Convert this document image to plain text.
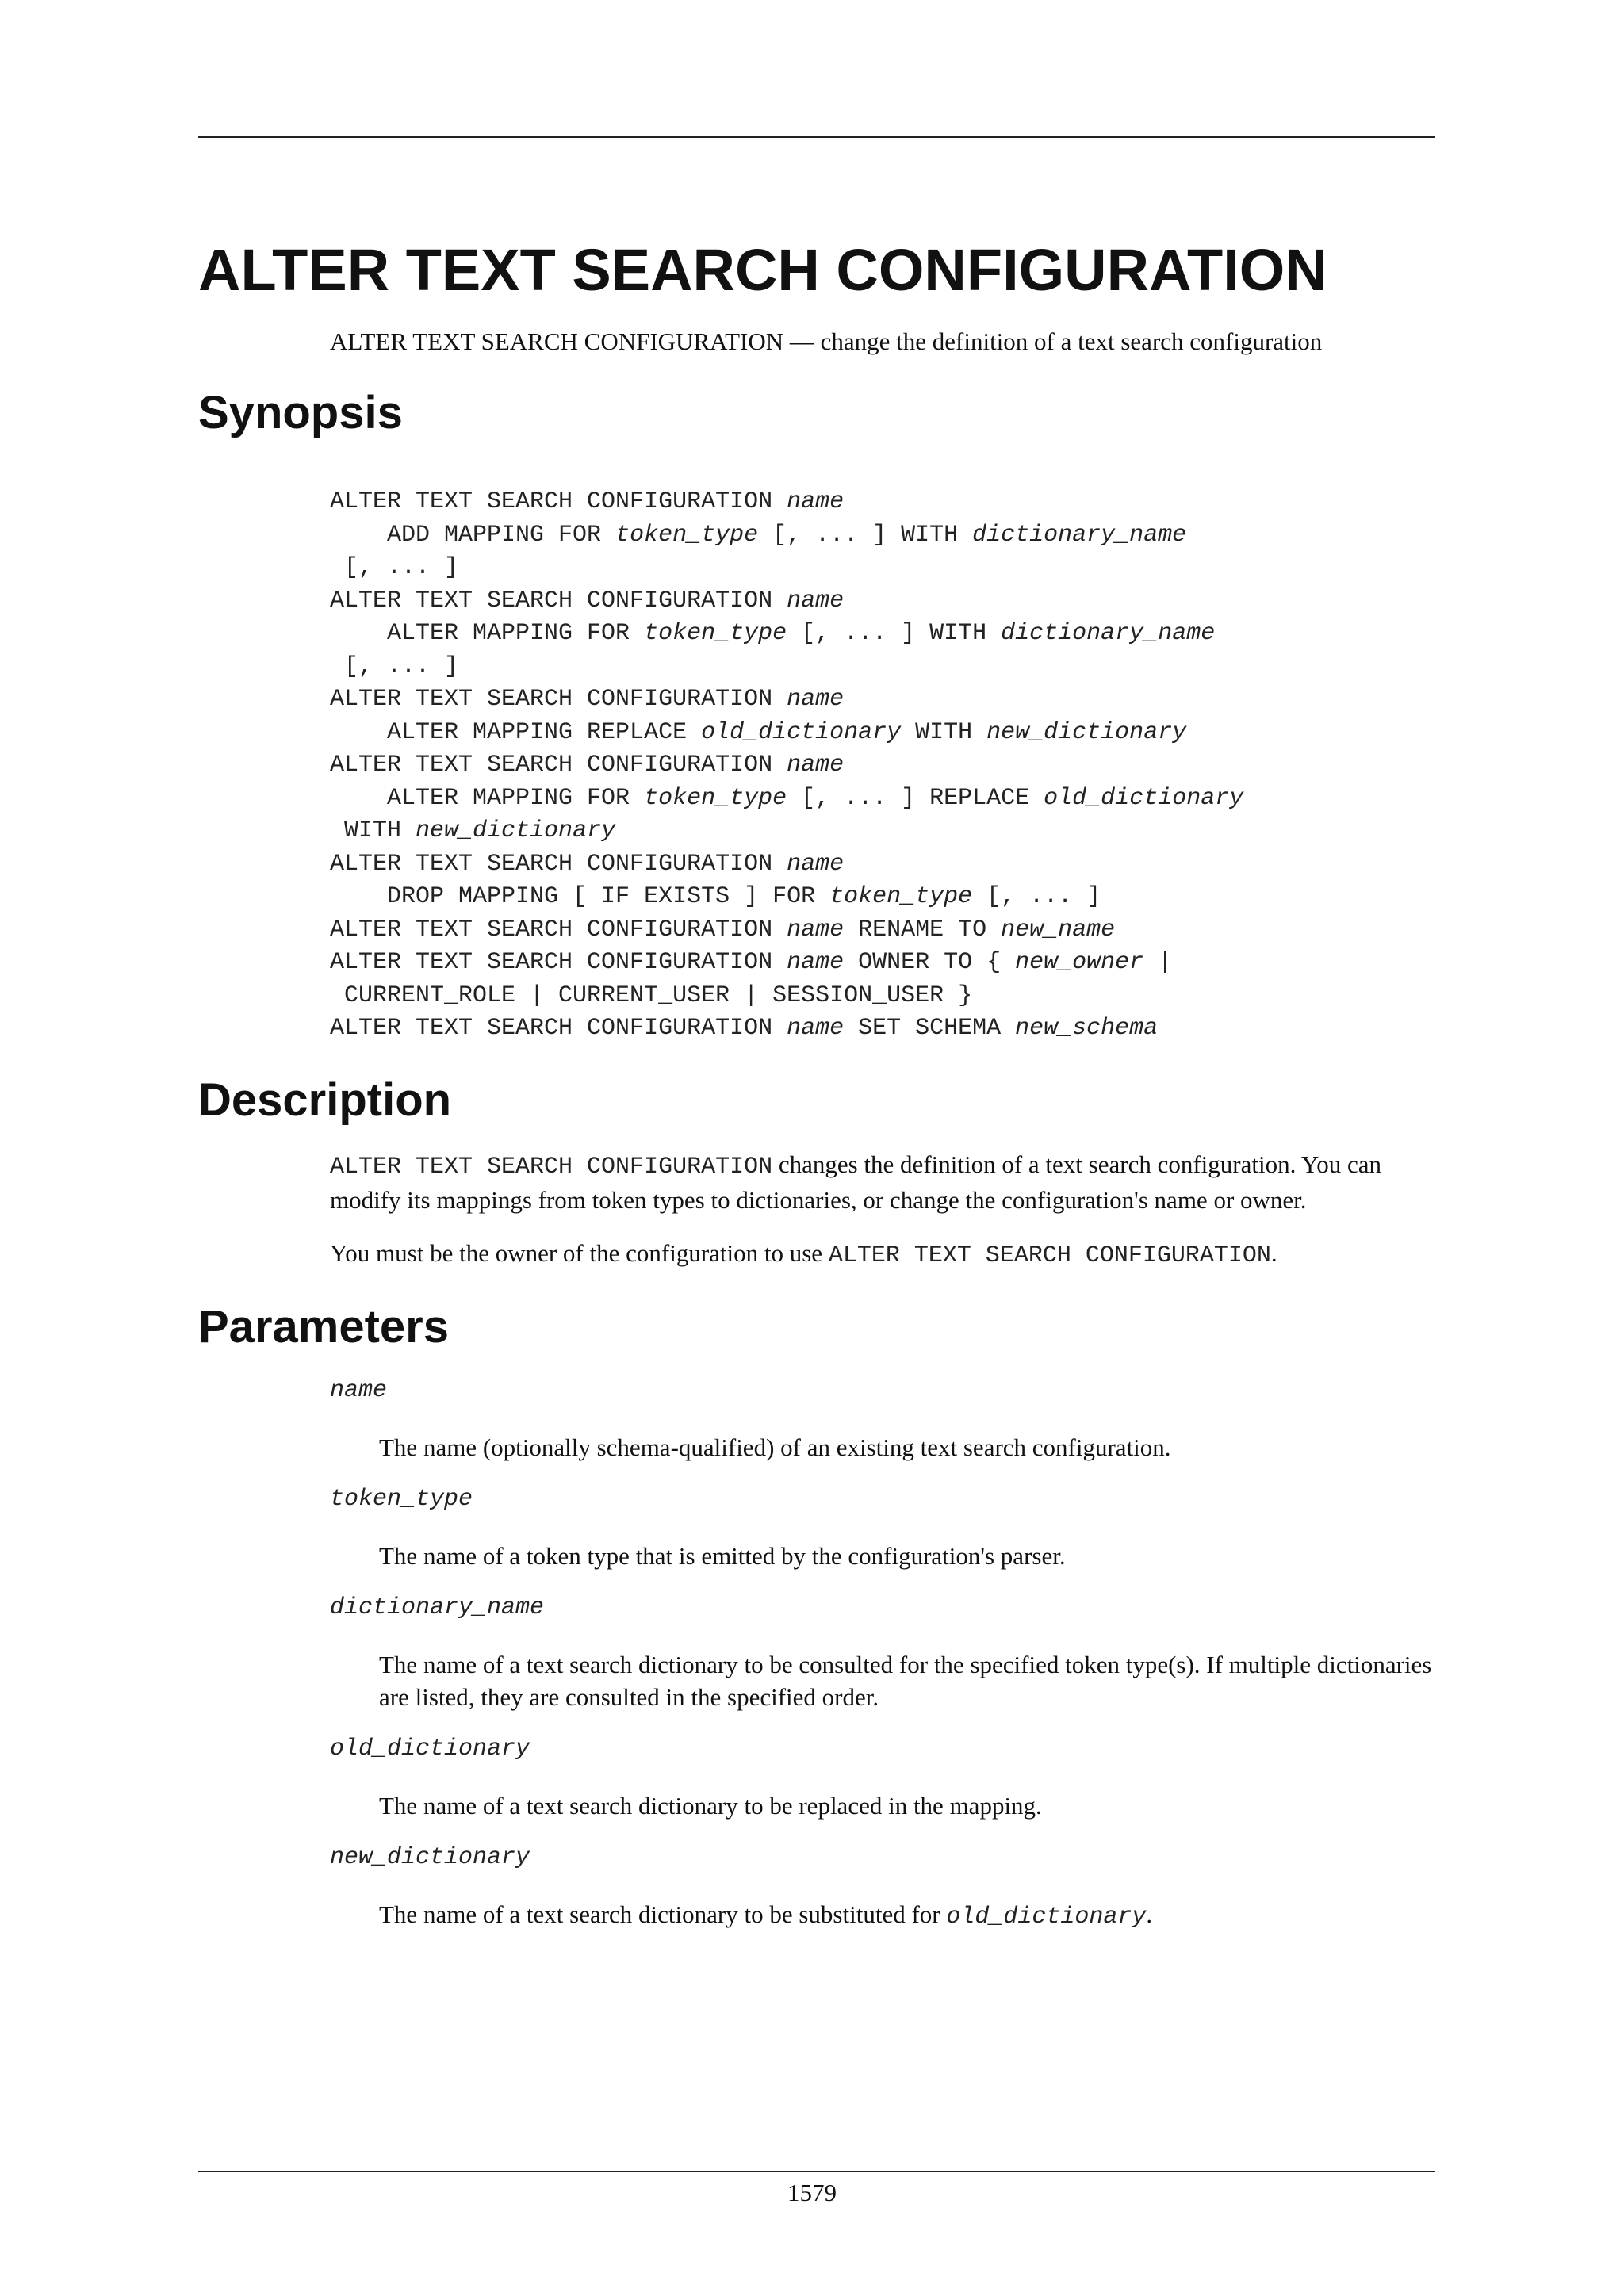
ALTER TEXT SEARCH CONFIGURATION
ALTER TEXT SEARCH CONFIGURATION — change the definition of a text search configuration
Synopsis
ALTER TEXT SEARCH CONFIGURATION name
ADD MAPPING FOR token_type [, ... ] WITH dictionary_name
[, ... ]
ALTER TEXT SEARCH CONFIGURATION name
ALTER MAPPING FOR token_type [, ... ] WITH dictionary_name
[, ... ]
ALTER TEXT SEARCH CONFIGURATION name
ALTER MAPPING REPLACE old_dictionary WITH new_dictionary
ALTER TEXT SEARCH CONFIGURATION name
ALTER MAPPING FOR token_type [, ... ] REPLACE old_dictionary
WITH new_dictionary
ALTER TEXT SEARCH CONFIGURATION name
DROP MAPPING [ IF EXISTS ] FOR token_type [, ... ]
ALTER TEXT SEARCH CONFIGURATION name RENAME TO new_name
ALTER TEXT SEARCH CONFIGURATION name OWNER TO { new_owner |
CURRENT_ROLE | CURRENT_USER | SESSION_USER }
ALTER TEXT SEARCH CONFIGURATION name SET SCHEMA new_schema
Description
ALTER TEXT SEARCH CONFIGURATION changes the definition of a text search configuration. You can modify its mappings from token types to dictionaries, or change the configuration's name or owner.
You must be the owner of the configuration to use ALTER TEXT SEARCH CONFIGURATION.
Parameters
name
The name (optionally schema-qualified) of an existing text search configuration.
token_type
The name of a token type that is emitted by the configuration's parser.
dictionary_name
The name of a text search dictionary to be consulted for the specified token type(s). If multiple dictionaries are listed, they are consulted in the specified order.
old_dictionary
The name of a text search dictionary to be replaced in the mapping.
new_dictionary
The name of a text search dictionary to be substituted for old_dictionary.
1579
